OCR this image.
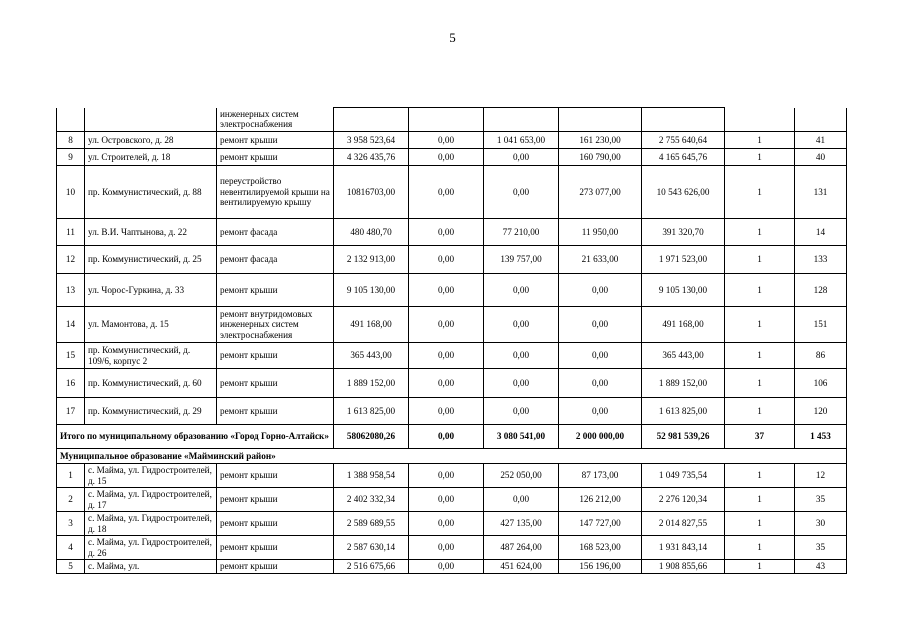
5
		инженерных систем электроснабжения							
8	ул. Островского, д. 28	ремонт крыши	3 958 523,64	0,00	1 041 653,00	161 230,00	2 755 640,64	1	41
9	ул. Строителей, д. 18	ремонт крыши	4 326 435,76	0,00	0,00	160 790,00	4 165 645,76	1	40
10	пр. Коммунистический, д. 88	переустройство невентилируемой крыши на вентилируемую крышу	10816703,00	0,00	0,00	273 077,00	10 543 626,00	1	131
11	ул. В.И. Чаптынова, д. 22	ремонт фасада	480 480,70	0,00	77 210,00	11 950,00	391 320,70	1	14
12	пр. Коммунистический, д. 25	ремонт фасада	2 132 913,00	0,00	139 757,00	21 633,00	1 971 523,00	1	133
13	ул. Чорос-Гуркина, д. 33	ремонт крыши	9 105 130,00	0,00	0,00	0,00	9 105 130,00	1	128
14	ул. Мамонтова, д. 15	ремонт внутридомовых инженерных систем электроснабжения	491 168,00	0,00	0,00	0,00	491 168,00	1	151
15	пр. Коммунистический, д. 109/6, корпус 2	ремонт крыши	365 443,00	0,00	0,00	0,00	365 443,00	1	86
16	пр. Коммунистический, д. 60	ремонт крыши	1 889 152,00	0,00	0,00	0,00	1 889 152,00	1	106
17	пр. Коммунистический, д. 29	ремонт крыши	1 613 825,00	0,00	0,00	0,00	1 613 825,00	1	120
Итого по муниципальному образованию «Город Горно-Алтайск»			58062080,26	0,00	3 080 541,00	2 000 000,00	52 981 539,26	37	1 453
Муниципальное образование «Майминский район»									
1	с. Майма, ул. Гидростроителей, д. 15	ремонт крыши	1 388 958,54	0,00	252 050,00	87 173,00	1 049 735,54	1	12
2	с. Майма, ул. Гидростроителей, д. 17	ремонт крыши	2 402 332,34	0,00	0,00	126 212,00	2 276 120,34	1	35
3	с. Майма, ул. Гидростроителей, д. 18	ремонт крыши	2 589 689,55	0,00	427 135,00	147 727,00	2 014 827,55	1	30
4	с. Майма, ул. Гидростроителей, д. 26	ремонт крыши	2 587 630,14	0,00	487 264,00	168 523,00	1 931 843,14	1	35
5	с. Майма, ул.	ремонт крыши	2 516 675,66	0,00	451 624,00	156 196,00	1 908 855,66	1	43
